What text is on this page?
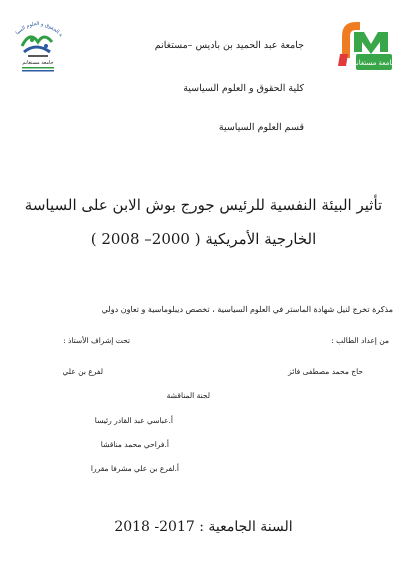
جامعة مستغانم
ة الحقوق و العلوم السيا
جامعة مستغانم
جامعة عبد الحميد بن باديس –مستغانم
كلية الحقوق و العلوم السياسية
قسم العلوم السياسية
تأثير البيئة النفسية للرئيس جورج بوش الابن على السياسة
الخارجية الأمريكية ( 2000– 2008 )
مذكرة تخرج لنيل شهادة الماستر في العلوم السياسية ، تخصص ديبلوماسية و تعاون دولي
من إعداد الطالب :
تحت إشراف الأستاذ :
حاج محمد مصطفى فائز
لفرع بن علي
لجنة المناقشة
أ.عباسي عبد القادر رئيسا
أ.فراحي محمد مناقشا
أ.لفرع بن علي مشرفا مقررا
السنة الجامعية : 2017- 2018
